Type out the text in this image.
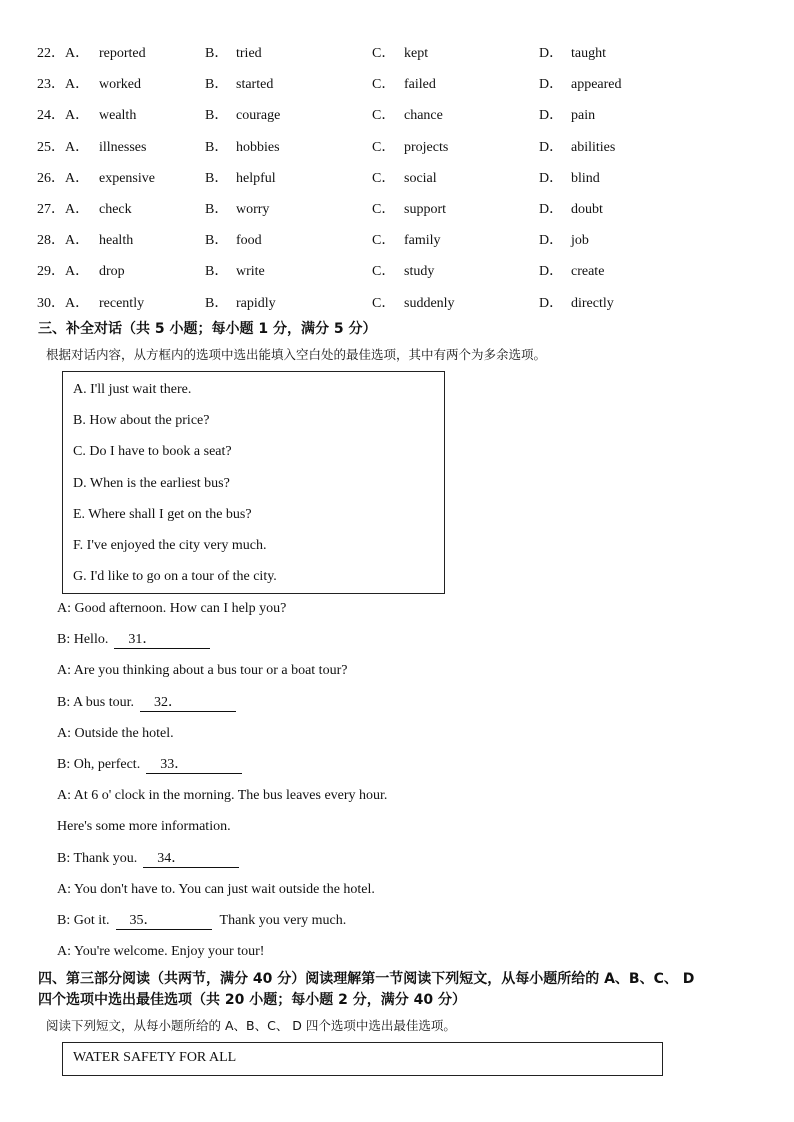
22．A． reported	B． tried	C． kept	D． taught
23．A． worked	B． started	C． failed	D． appeared
24．A． wealth	B． courage	C． chance	D． pain
25．A． illnesses	B． hobbies	C． projects	D． abilities
26．A． expensive	B． helpful	C． social	D． blind
27．A． check	B． worry	C． support	D． doubt
28．A． health	B． food	C． family	D． job
29．A． drop	B． write	C． study	D． create
30．A． recently	B． rapidly	C． suddenly	D． directly
三、补全对话（共 5 小题；每小题 1 分，满分 5 分）
根据对话内容，从方框内的选项中选出能填入空白处的最佳选项，其中有两个为多余选项。
A. I'll just wait there.
B. How about the price?
C. Do I have to book a seat?
D. When is the earliest bus?
E. Where shall I get on the bus?
F. I've enjoyed the city very much.
G. I'd like to go on a tour of the city.
A: Good afternoon. How can I help you?
B: Hello. 31．
A: Are you thinking about a bus tour or a boat tour?
B: A bus tour. 32．
A: Outside the hotel.
B: Oh, perfect. 33．
A: At 6 o' clock in the morning. The bus leaves every hour.
Here's some more information.
B: Thank you. 34．
A: You don't have to. You can just wait outside the hotel.
B: Got it. 35．	Thank you very much.
A: You're welcome. Enjoy your tour!
四、第三部分阅读（共两节，满分 40 分）阅读理解第一节阅读下列短文，从每小题所给的 A、B、C、 D
四个选项中选出最佳选项（共 20 小题；每小题 2 分，满分 40 分）
阅读下列短文，从每小题所给的 A、B、C、 D 四个选项中选出最佳选项。
WATER SAFETY FOR ALL
